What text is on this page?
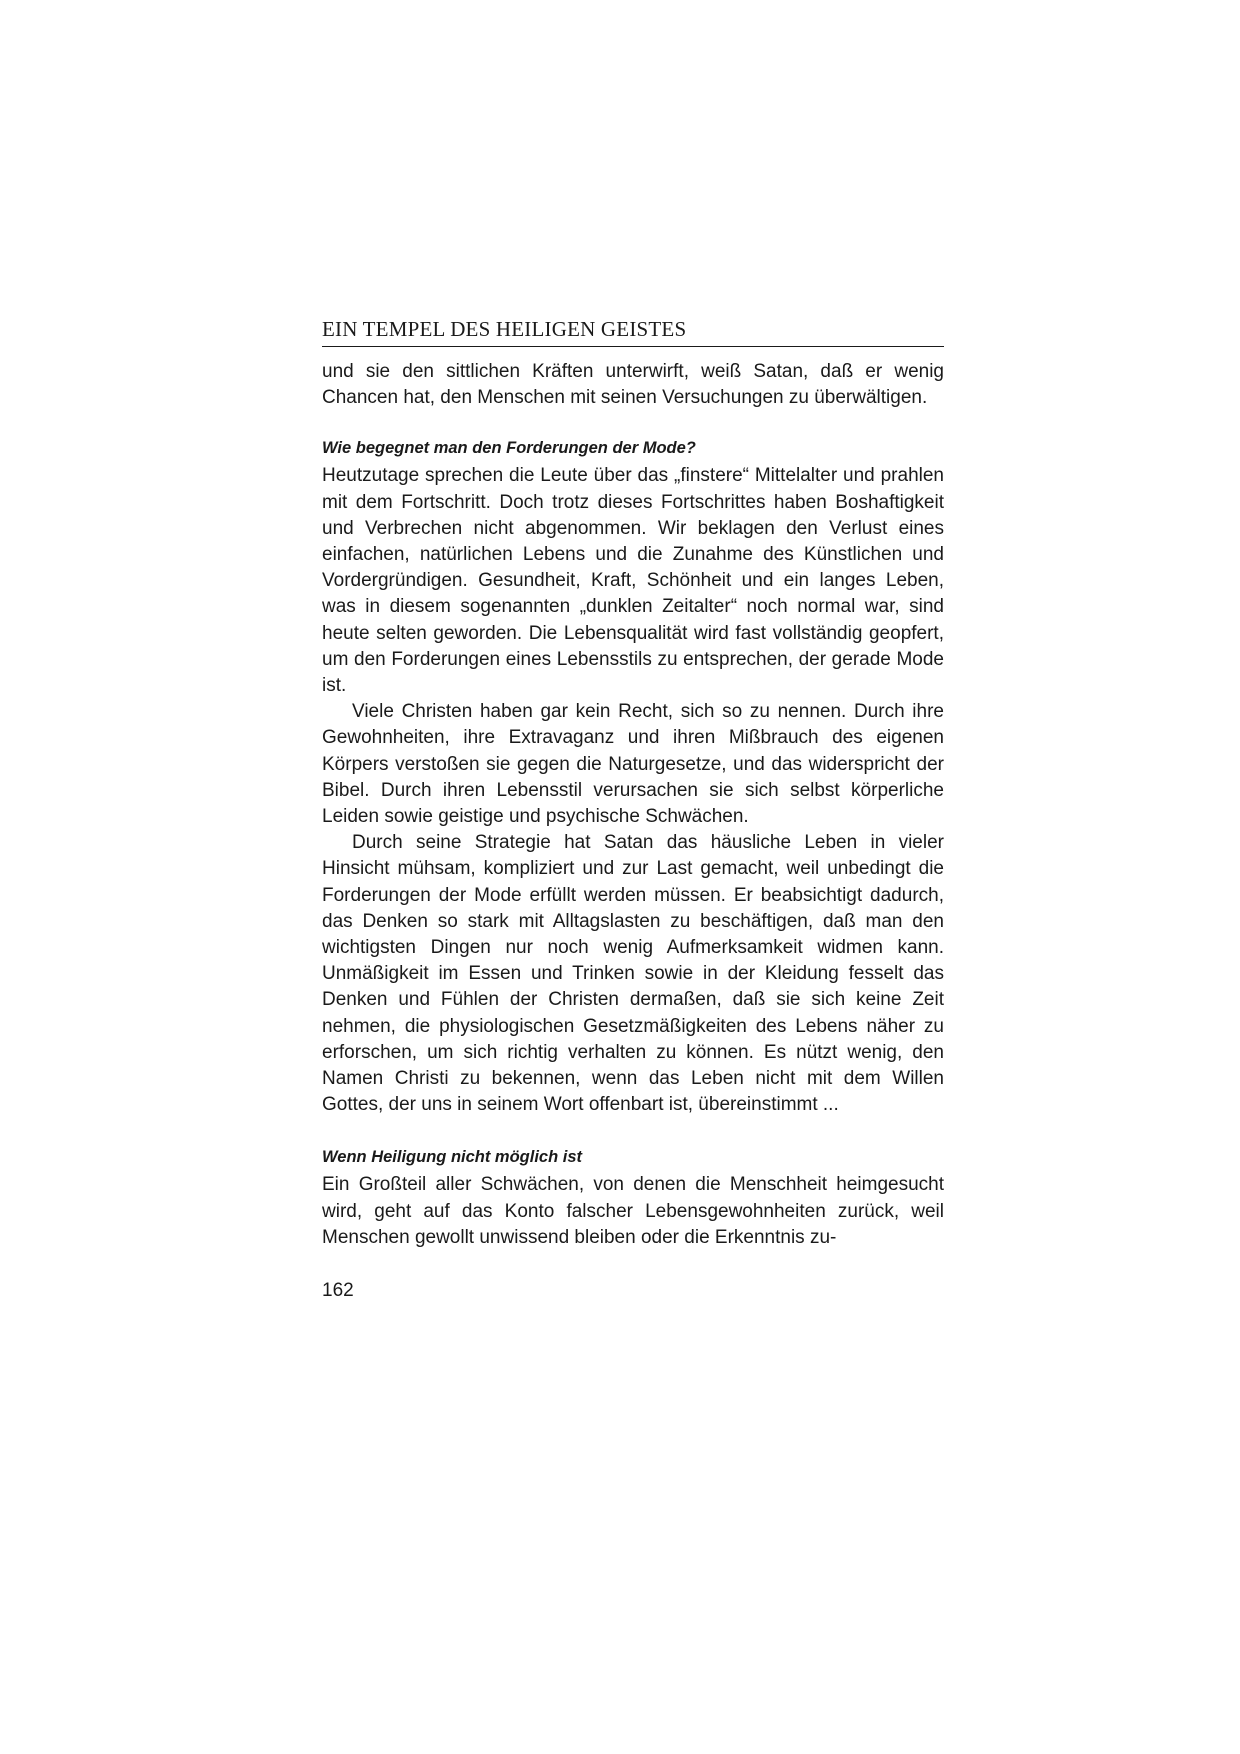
EIN TEMPEL DES HEILIGEN GEISTES

und sie den sittlichen Kräften unterwirft, weiß Satan, daß er wenig Chancen hat, den Menschen mit seinen Versuchungen zu überwältigen.

Wie begegnet man den Forderungen der Mode?

Heutzutage sprechen die Leute über das „finstere“ Mittelalter und prahlen mit dem Fortschritt. Doch trotz dieses Fortschrittes haben Boshaftigkeit und Verbrechen nicht abgenommen. Wir beklagen den Verlust eines einfachen, natürlichen Lebens und die Zunahme des Künstlichen und Vordergründigen. Gesundheit, Kraft, Schönheit und ein langes Leben, was in diesem sogenannten „dunklen Zeitalter“ noch normal war, sind heute selten geworden. Die Lebensqualität wird fast vollständig geopfert, um den Forderungen eines Lebensstils zu entsprechen, der gerade Mode ist.

Viele Christen haben gar kein Recht, sich so zu nennen. Durch ihre Gewohnheiten, ihre Extravaganz und ihren Mißbrauch des eigenen Körpers verstoßen sie gegen die Naturgesetze, und das widerspricht der Bibel. Durch ihren Lebensstil verursachen sie sich selbst körperliche Leiden sowie geistige und psychische Schwächen.

Durch seine Strategie hat Satan das häusliche Leben in vieler Hinsicht mühsam, kompliziert und zur Last gemacht, weil unbedingt die Forderungen der Mode erfüllt werden müssen. Er beabsichtigt dadurch, das Denken so stark mit Alltagslasten zu beschäftigen, daß man den wichtigsten Dingen nur noch wenig Aufmerksamkeit widmen kann. Unmäßigkeit im Essen und Trinken sowie in der Kleidung fesselt das Denken und Fühlen der Christen dermaßen, daß sie sich keine Zeit nehmen, die physiologischen Gesetzmäßigkeiten des Lebens näher zu erforschen, um sich richtig verhalten zu können. Es nützt wenig, den Namen Christi zu bekennen, wenn das Leben nicht mit dem Willen Gottes, der uns in seinem Wort offenbart ist, übereinstimmt ...

Wenn Heiligung nicht möglich ist

Ein Großteil aller Schwächen, von denen die Menschheit heimgesucht wird, geht auf das Konto falscher Lebensgewohnheiten zurück, weil Menschen gewollt unwissend bleiben oder die Erkenntnis zu-

162
